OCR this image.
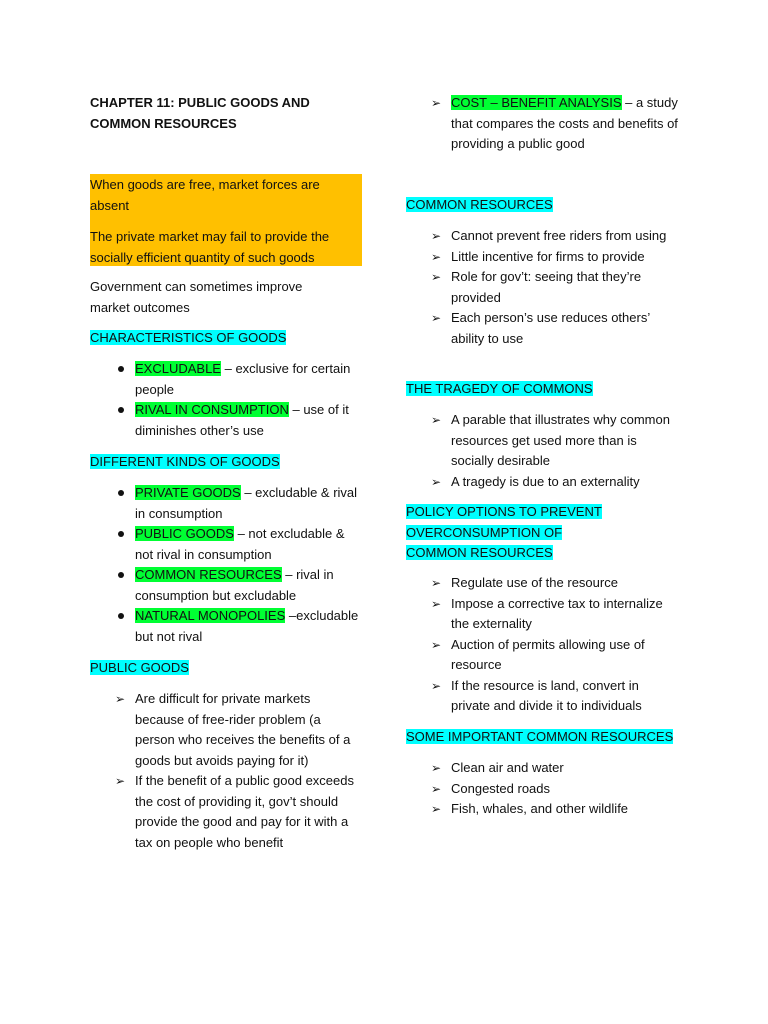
CHAPTER 11: PUBLIC GOODS AND COMMON RESOURCES

When goods are free, market forces are absent

The private market may fail to provide the socially efficient quantity of such goods

Government can sometimes improve market outcomes
CHARACTERISTICS OF GOODS
EXCLUDABLE – exclusive for certain people
RIVAL IN CONSUMPTION – use of it diminishes other’s use
DIFFERENT KINDS OF GOODS
PRIVATE GOODS – excludable & rival in consumption
PUBLIC GOODS – not excludable & not rival in consumption
COMMON RESOURCES – rival in consumption but excludable
NATURAL MONOPOLIES –excludable but not rival
PUBLIC GOODS
➢ Are difficult for private markets because of free-rider problem (a person who receives the benefits of a goods but avoids paying for it)
➢ If the benefit of a public good exceeds the cost of providing it, gov’t should provide the good and pay for it with a tax on people who benefit
➢ COST – BENEFIT ANALYSIS – a study that compares the costs and benefits of providing a public good
COMMON RESOURCES
➢ Cannot prevent free riders from using
➢ Little incentive for firms to provide
➢ Role for gov’t: seeing that they’re provided
➢ Each person’s use reduces others’ ability to use
THE TRAGEDY OF COMMONS
➢ A parable that illustrates why common resources get used more than is socially desirable
➢ A tragedy is due to an externality
POLICY OPTIONS TO PREVENT OVERCONSUMPTION OF COMMON RESOURCES
➢ Regulate use of the resource
➢ Impose a corrective tax to internalize the externality
➢ Auction of permits allowing use of resource
➢ If the resource is land, convert in private and divide it to individuals
SOME IMPORTANT COMMON RESOURCES
➢ Clean air and water
➢ Congested roads
➢ Fish, whales, and other wildlife
